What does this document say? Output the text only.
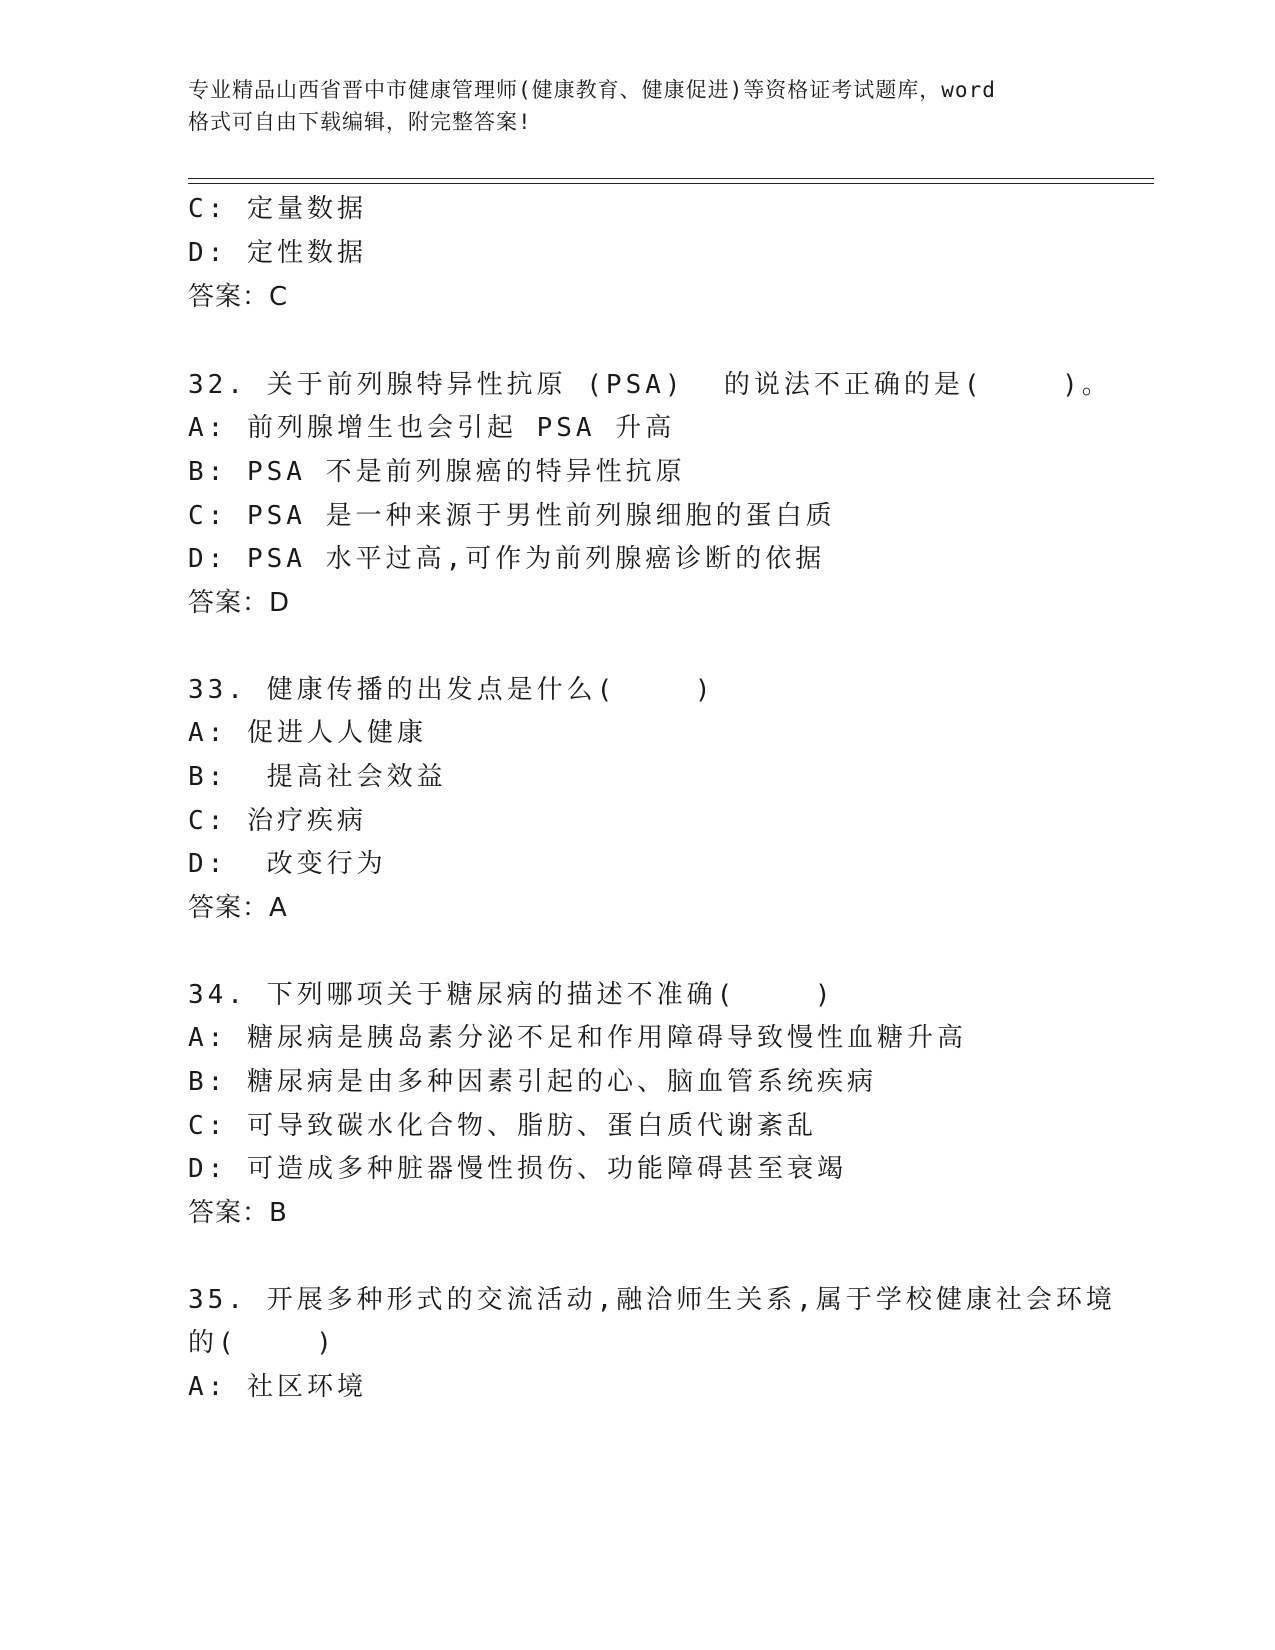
专业精品山西省晋中市健康管理师(健康教育、健康促进)等资格证考试题库，word
格式可自由下载编辑，附完整答案!
C: 定量数据
D: 定性数据
答案：C
32. 关于前列腺特异性抗原 (PSA)  的说法不正确的是(    )。
A: 前列腺增生也会引起 PSA 升高
B: PSA 不是前列腺癌的特异性抗原
C: PSA 是一种来源于男性前列腺细胞的蛋白质
D: PSA 水平过高,可作为前列腺癌诊断的依据
答案：D
33. 健康传播的出发点是什么(    )
A: 促进人人健康
B:  提高社会效益
C: 治疗疾病
D:  改变行为
答案：A
34. 下列哪项关于糖尿病的描述不准确(    )
A: 糖尿病是胰岛素分泌不足和作用障碍导致慢性血糖升高
B: 糖尿病是由多种因素引起的心、脑血管系统疾病
C: 可导致碳水化合物、脂肪、蛋白质代谢紊乱
D: 可造成多种脏器慢性损伤、功能障碍甚至衰竭
答案：B
35. 开展多种形式的交流活动,融洽师生关系,属于学校健康社会环境
的(    )
A: 社区环境
